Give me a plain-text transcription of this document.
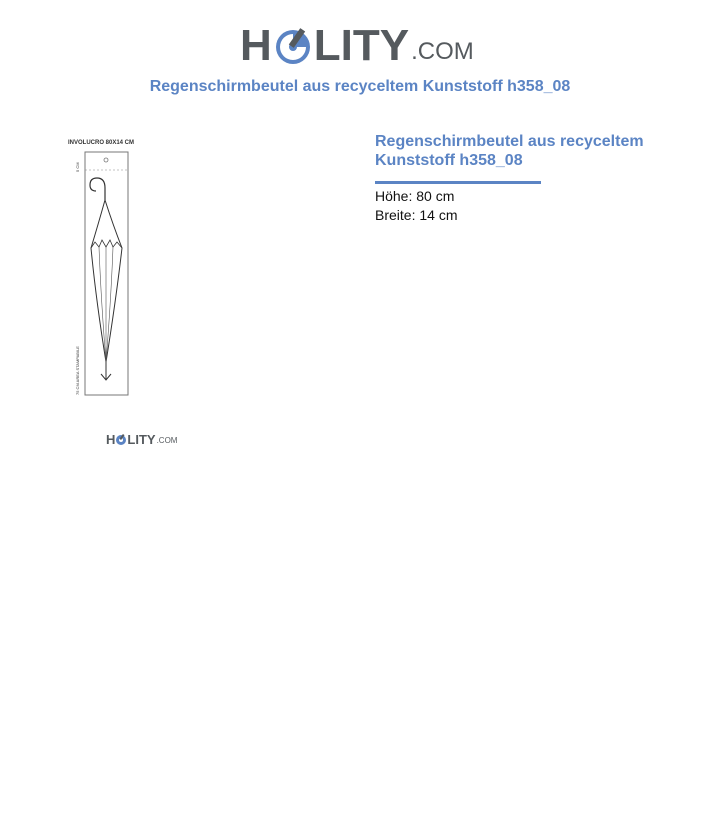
H LITY .COM
Regenschirmbeutel aus recyceltem Kunststoff h358_08
INVOLUCRO 80X14 CM
5 CM
75 CM AREA STAMPABILE
H LITY .COM
Regenschirmbeutel aus recyceltem
Kunststoff h358_08
Höhe: 80 cm
Breite: 14 cm
